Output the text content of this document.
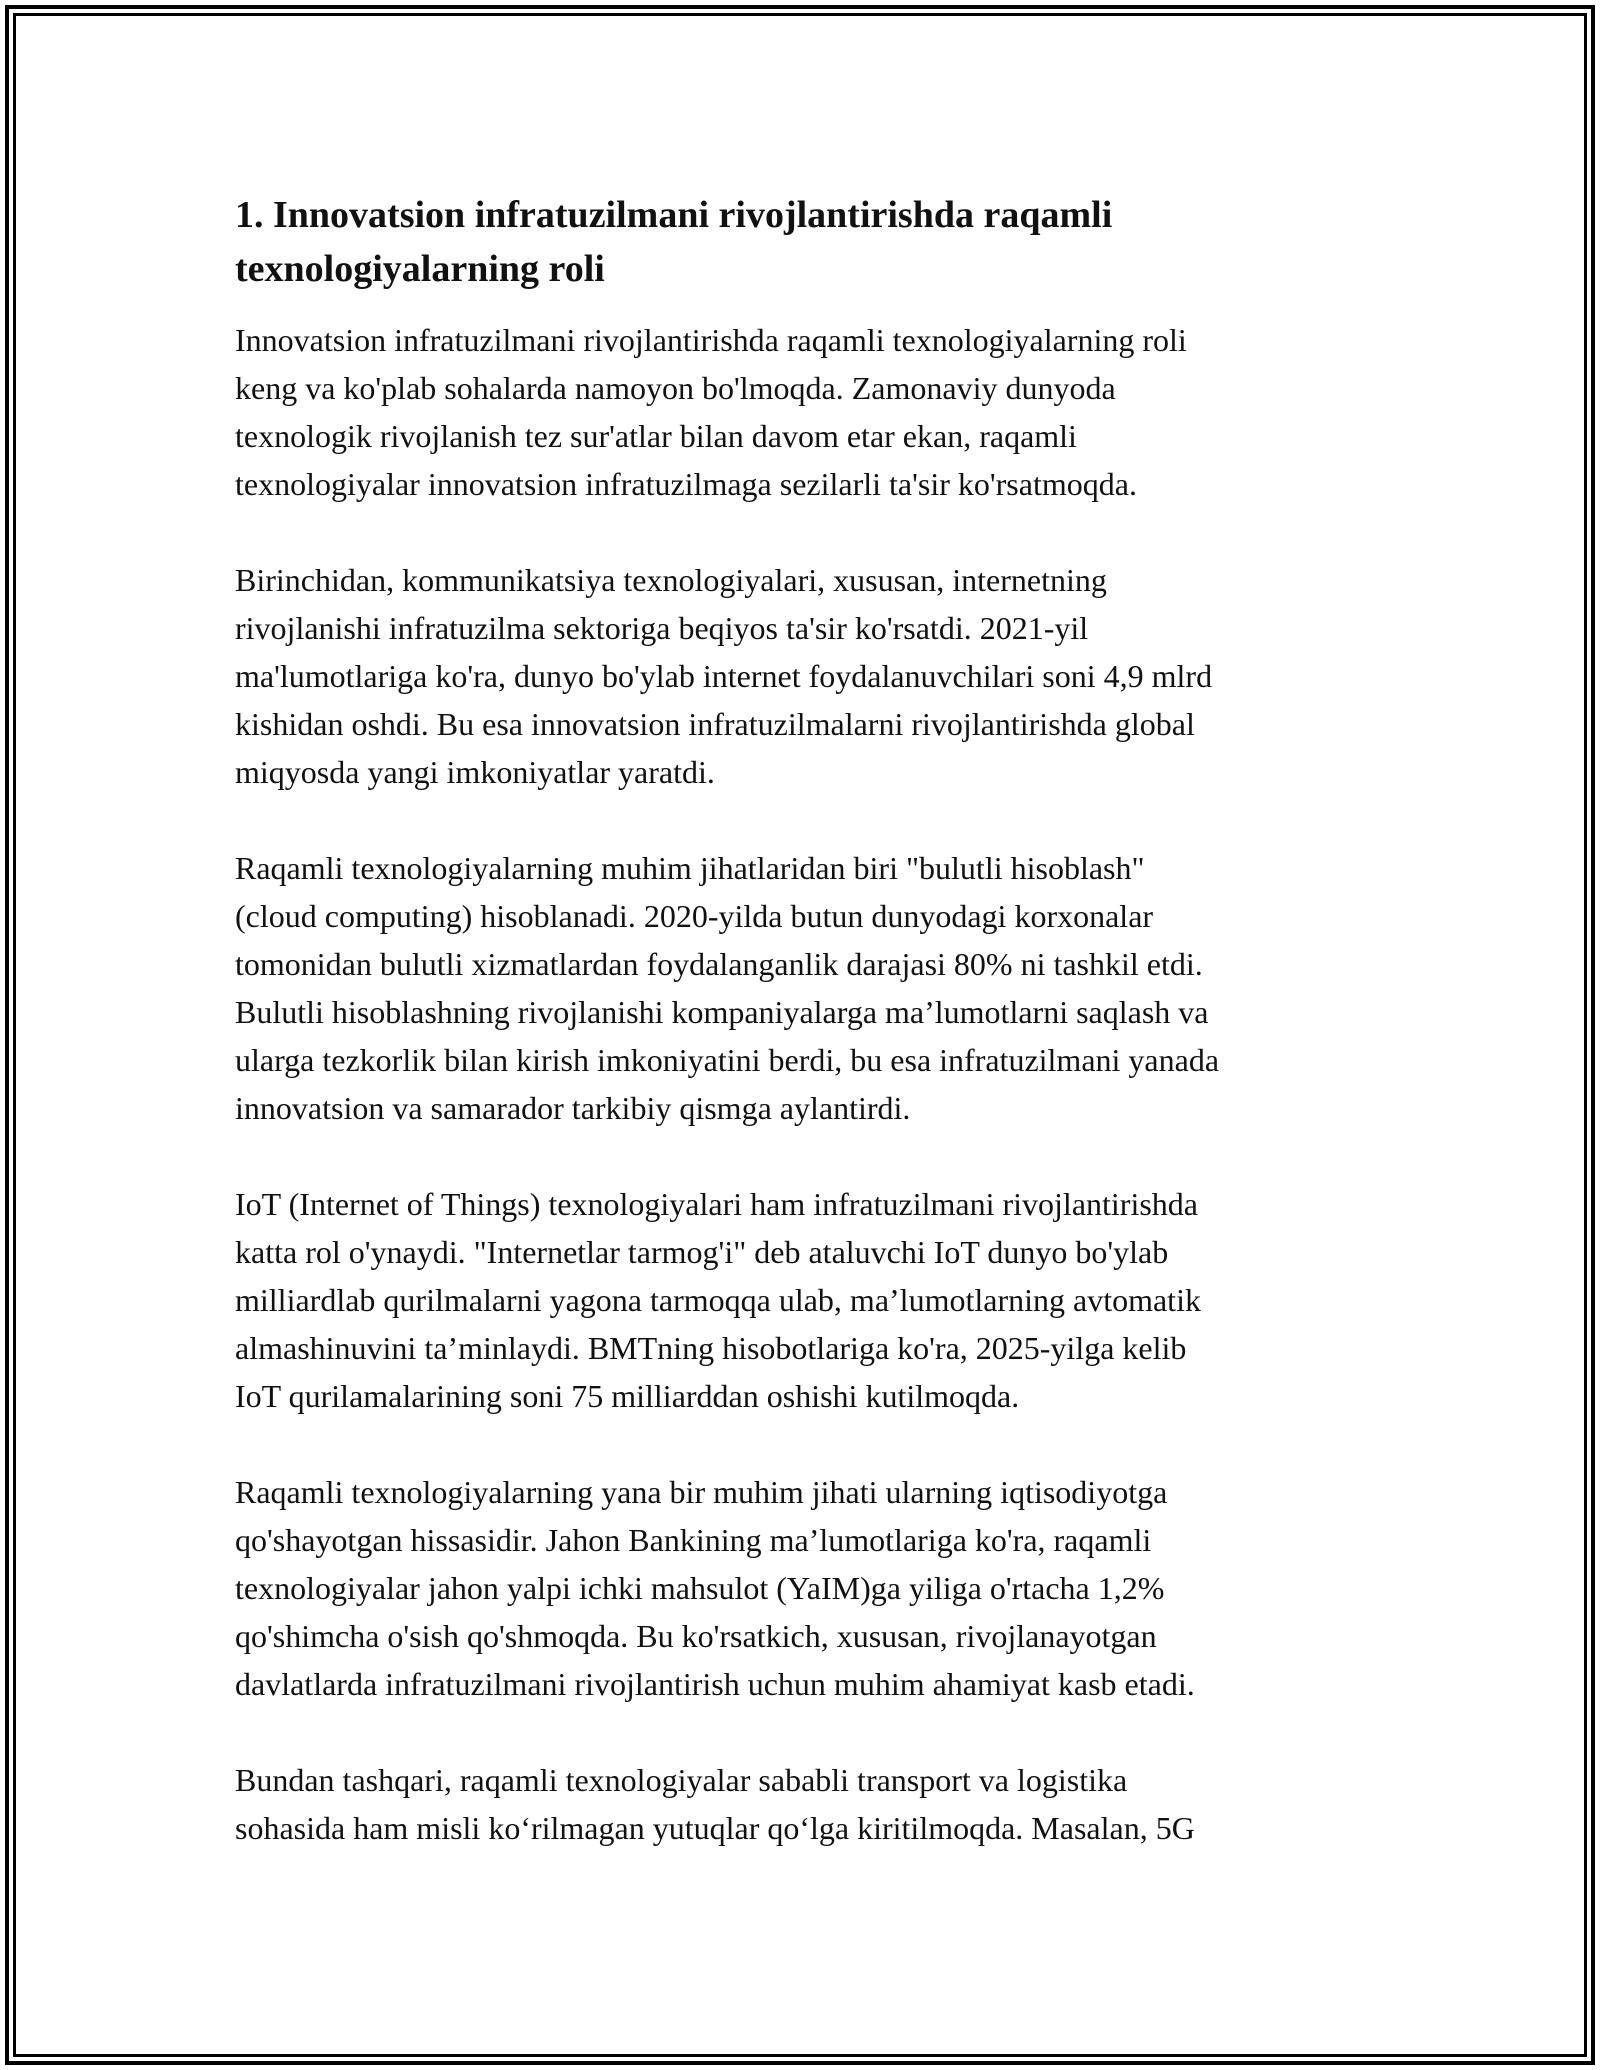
1. Innovatsion infratuzilmani rivojlantirishda raqamli
texnologiyalarning roli

Innovatsion infratuzilmani rivojlantirishda raqamli texnologiyalarning roli
keng va ko'plab sohalarda namoyon bo'lmoqda. Zamonaviy dunyoda
texnologik rivojlanish tez sur'atlar bilan davom etar ekan, raqamli
texnologiyalar innovatsion infratuzilmaga sezilarli ta'sir ko'rsatmoqda.

Birinchidan, kommunikatsiya texnologiyalari, xususan, internetning
rivojlanishi infratuzilma sektoriga beqiyos ta'sir ko'rsatdi. 2021-yil
ma'lumotlariga ko'ra, dunyo bo'ylab internet foydalanuvchilari soni 4,9 mlrd
kishidan oshdi. Bu esa innovatsion infratuzilmalarni rivojlantirishda global
miqyosda yangi imkoniyatlar yaratdi.

Raqamli texnologiyalarning muhim jihatlaridan biri "bulutli hisoblash"
(cloud computing) hisoblanadi. 2020-yilda butun dunyodagi korxonalar
tomonidan bulutli xizmatlardan foydalanganlik darajasi 80% ni tashkil etdi.
Bulutli hisoblashning rivojlanishi kompaniyalarga ma’lumotlarni saqlash va
ularga tezkorlik bilan kirish imkoniyatini berdi, bu esa infratuzilmani yanada
innovatsion va samarador tarkibiy qismga aylantirdi.

IoT (Internet of Things) texnologiyalari ham infratuzilmani rivojlantirishda
katta rol o'ynaydi. "Internetlar tarmog'i" deb ataluvchi IoT dunyo bo'ylab
milliardlab qurilmalarni yagona tarmoqqa ulab, ma’lumotlarning avtomatik
almashinuvini ta’minlaydi. BMTning hisobotlariga ko'ra, 2025-yilga kelib
IoT qurilamalarining soni 75 milliarddan oshishi kutilmoqda.

Raqamli texnologiyalarning yana bir muhim jihati ularning iqtisodiyotga
qo'shayotgan hissasidir. Jahon Bankining ma’lumotlariga ko'ra, raqamli
texnologiyalar jahon yalpi ichki mahsulot (YaIM)ga yiliga o'rtacha 1,2%
qo'shimcha o'sish qo'shmoqda. Bu ko'rsatkich, xususan, rivojlanayotgan
davlatlarda infratuzilmani rivojlantirish uchun muhim ahamiyat kasb etadi.

Bundan tashqari, raqamli texnologiyalar sababli transport va logistika
sohasida ham misli ko‘rilmagan yutuqlar qo‘lga kiritilmoqda. Masalan, 5G
